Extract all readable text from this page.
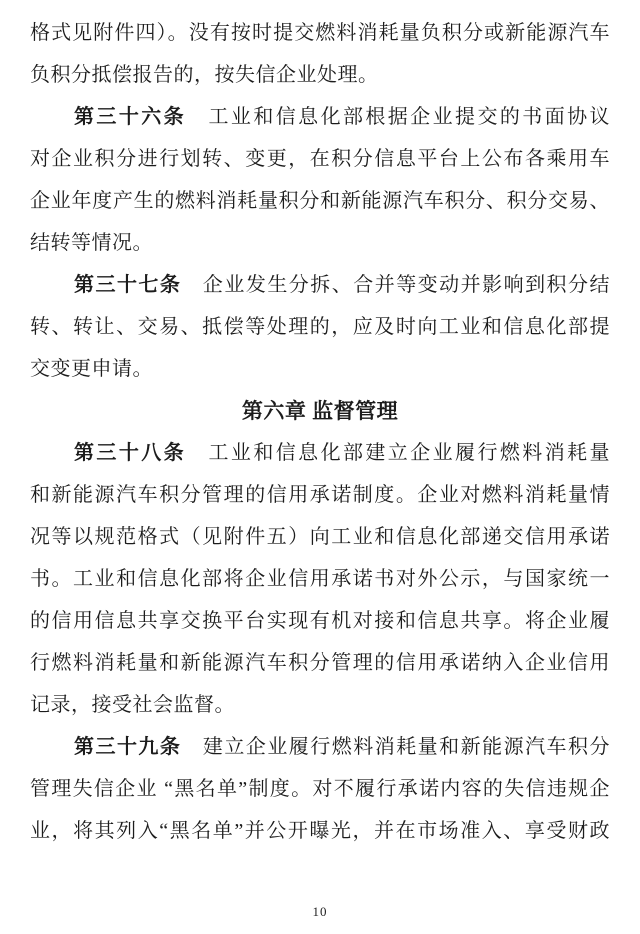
格式见附件四）。没有按时提交燃料消耗量负积分或新能源汽车
负积分抵偿报告的，按失信企业处理。
第三十六条　 工业和信息化部根据企业提交的书面协议
对企业积分进行划转、变更，在积分信息平台上公布各乘用车
企业年度产生的燃料消耗量积分和新能源汽车积分、积分交易、
结转等情况。
第三十七条　 企业发生分拆、合并等变动并影响到积分结
转、转让、交易、抵偿等处理的，应及时向工业和信息化部提
交变更申请。
第六章 监督管理
第三十八条　 工业和信息化部建立企业履行燃料消耗量
和新能源汽车积分管理的信用承诺制度。企业对燃料消耗量情
况等以规范格式（见附件五）向工业和信息化部递交信用承诺
书。工业和信息化部将企业信用承诺书对外公示，与国家统一
的信用信息共享交换平台实现有机对接和信息共享。将企业履
行燃料消耗量和新能源汽车积分管理的信用承诺纳入企业信用
记录，接受社会监督。
第三十九条　 建立企业履行燃料消耗量和新能源汽车积分
管理失信企业 “黑名单”制度。对不履行承诺内容的失信违规企
业，将其列入“黑名单”并公开曝光，并在市场准入、享受财政
10
